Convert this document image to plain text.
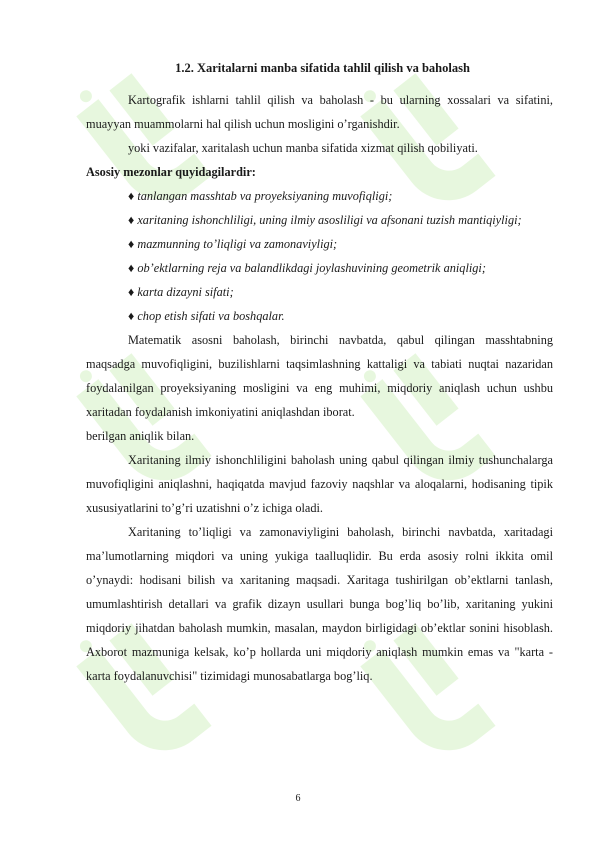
1.2. Xaritalarni manba sifatida tahlil qilish va baholash

Kartografik ishlarni tahlil qilish va baholash - bu ularning xossalari va sifatini, muayyan muammolarni hal qilish uchun mosligini o’rganishdir.

yoki vazifalar, xaritalash uchun manba sifatida xizmat qilish qobiliyati.

Asosiy mezonlar quyidagilardir:

♦ tanlangan masshtab va proyeksiyaning muvofiqligi;

♦ xaritaning ishonchliligi, uning ilmiy asosliligi va afsonani tuzish mantiqiyligi;

♦ mazmunning to’liqligi va zamonaviyligi;

♦ ob’ektlarning reja va balandlikdagi joylashuvining geometrik aniqligi;

♦ karta dizayni sifati;

♦ chop etish sifati va boshqalar.

Matematik asosni baholash, birinchi navbatda, qabul qilingan masshtabning maqsadga muvofiqligini, buzilishlarni taqsimlashning kattaligi va tabiati nuqtai nazaridan foydalanilgan proyeksiyaning mosligini va eng muhimi, miqdoriy aniqlash uchun ushbu xaritadan foydalanish imkoniyatini aniqlashdan iborat.

berilgan aniqlik bilan.

Xaritaning ilmiy ishonchliligini baholash uning qabul qilingan ilmiy tushunchalarga muvofiqligini aniqlashni, haqiqatda mavjud fazoviy naqshlar va aloqalarni, hodisaning tipik xususiyatlarini to’g’ri uzatishni o’z ichiga oladi.

Xaritaning to’liqligi va zamonaviyligini baholash, birinchi navbatda, xaritadagi ma’lumotlarning miqdori va uning yukiga taalluqlidir. Bu erda asosiy rolni ikkita omil o’ynaydi: hodisani bilish va xaritaning maqsadi. Xaritaga tushirilgan ob’ektlarni tanlash, umumlashtirish detallari va grafik dizayn usullari bunga bog’liq bo’lib, xaritaning yukini miqdoriy jihatdan baholash mumkin, masalan, maydon birligidagi ob’ektlar sonini hisoblash. Axborot mazmuniga kelsak, ko’p hollarda uni miqdoriy aniqlash mumkin emas va "karta - karta foydalanuvchisi" tizimidagi munosabatlarga bog’liq.

6
